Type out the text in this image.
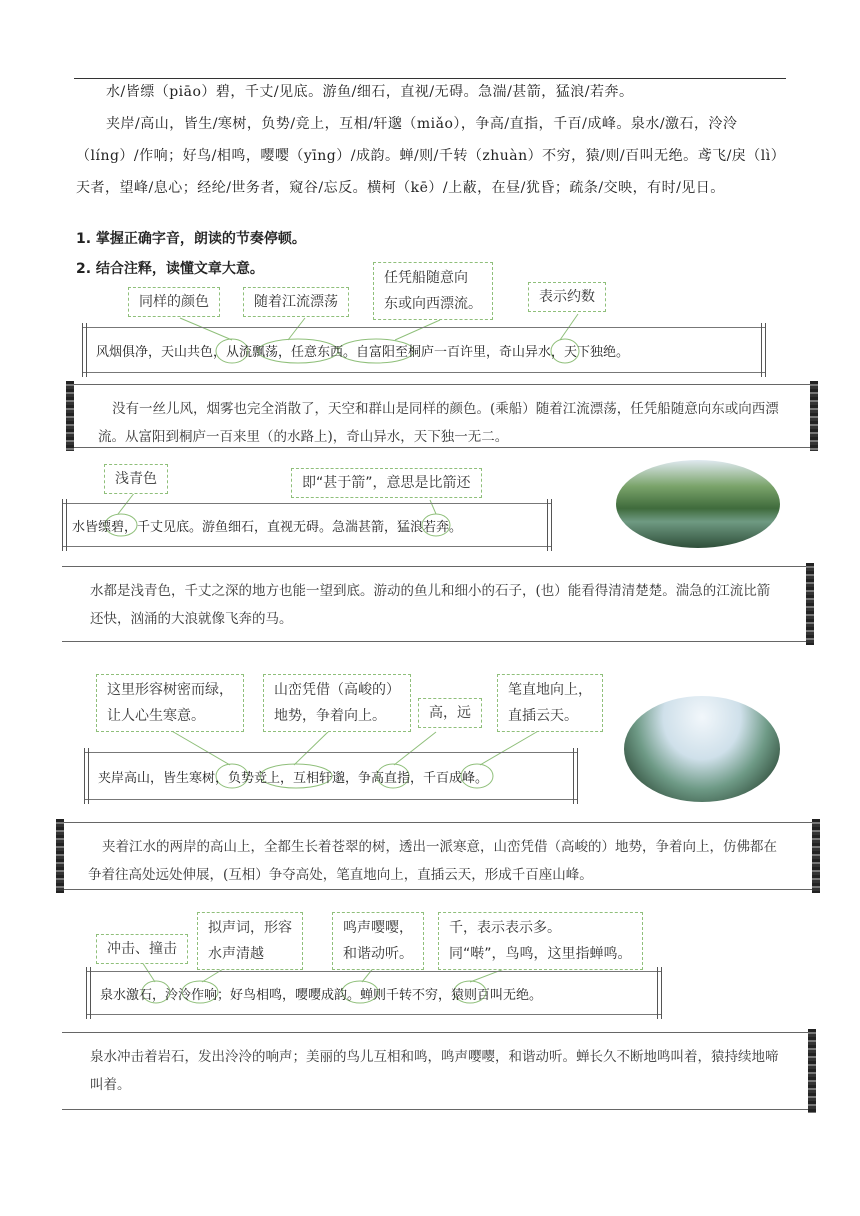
水/皆缥（piāo）碧，千丈/见底。游鱼/细石，直视/无碍。急湍/甚箭，猛浪/若奔。
夹岸/高山，皆生/寒树，负势/竞上，互相/轩邈（miǎo），争高/直指，千百/成峰。泉水/激石，泠泠
（líng）/作响；好鸟/相鸣，嘤嘤（yīng）/成韵。蝉/则/千转（zhuàn）不穷，猿/则/百叫无绝。鸢飞/戾（lì）
天者，望峰/息心；经纶/世务者，窥谷/忘反。横柯（kē）/上蔽，在昼/犹昏；疏条/交映，有时/见日。
1. 掌握正确字音，朗读的节奏停顿。
2. 结合注释，读懂文章大意。
同样的颜色	随着江流漂荡
任凭船随意向
东或向西漂流。	表示约数
风烟俱净，天山共色，从流飘荡，任意东西。自富阳至桐庐一百许里，奇山异水，天下独绝。
没有一丝儿风，烟雾也完全消散了，天空和群山是同样的颜色。(乘船）随着江流漂荡，任凭船随意向东或向西漂流。从富阳到桐庐一百来里（的水路上)，奇山异水，天下独一无二。
浅青色	即“甚于箭”，意思是比箭还
水皆缥碧，千丈见底。游鱼细石，直视无碍。急湍甚箭，猛浪若奔。
水都是浅青色，千丈之深的地方也能一望到底。游动的鱼儿和细小的石子，(也）能看得清清楚楚。湍急的江流比箭还快，汹涌的大浪就像飞奔的马。
这里形容树密而绿，
让人心生寒意。
山峦凭借（高峻的）
地势，争着向上。	高，远
笔直地向上，
直插云天。
夹岸高山，皆生寒树，负势竞上，互相轩邈，争高直指，千百成峰。
夹着江水的两岸的高山上，全都生长着苍翠的树，透出一派寒意，山峦凭借（高峻的）地势，争着向上，仿佛都在争着往高处远处伸展，(互相）争夺高处，笔直地向上，直插云天，形成千百座山峰。
冲击、撞击
拟声词，形容
水声清越
鸣声嘤嘤，
和谐动听。
千，表示表示多。
同“啭”，鸟鸣，这里指蝉鸣。
泉水激石，泠泠作响；好鸟相鸣，嘤嘤成韵。蝉则千转不穷，猿则百叫无绝。
泉水冲击着岩石，发出泠泠的响声；美丽的鸟儿互相和鸣，鸣声嘤嘤，和谐动听。蝉长久不断地鸣叫着，猿持续地啼叫着。
